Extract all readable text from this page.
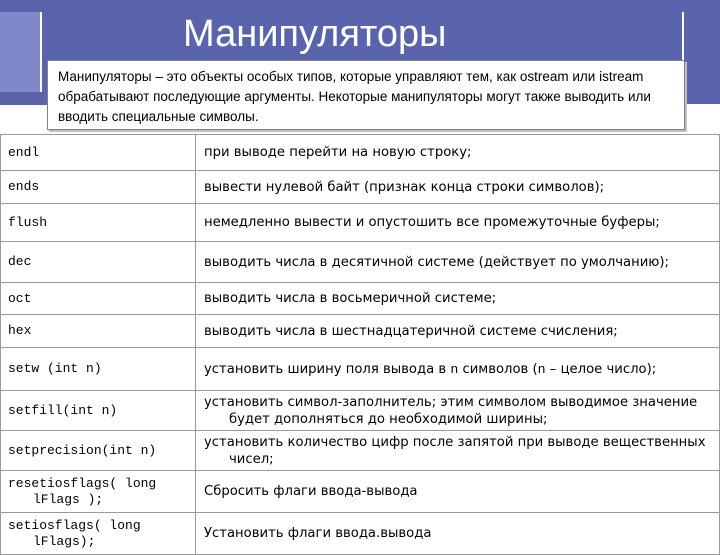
Манипуляторы
Манипуляторы – это объекты особых типов, которые управляют тем, как ostream или istream обрабатывают последующие аргументы. Некоторые манипуляторы могут также выводить или вводить специальные символы.
endl	при выводе перейти на новую строку;
ends	вывести нулевой байт (признак конца строки символов);
flush	немедленно вывести и опустошить все промежуточные буферы;

dec	выводить числа в десятичной системе (действует по умолчанию);

oct	выводить числа в восьмеричной системе;
hex	выводить числа в шестнадцатеричной системе счисления;
setw (int n)	установить ширину поля вывода в n символов (n – целое число);

setfill(int n)	установить символ-заполнитель; этим символом выводимое значение будет дополняться до необходимой ширины;

setprecision(int n)	установить количество цифр после запятой при выводе вещественных чисел;

resetiosflags( long lFlags );	Сбросить флаги ввода-вывода

setiosflags( long lFlags);	Установить флаги ввода.вывода
